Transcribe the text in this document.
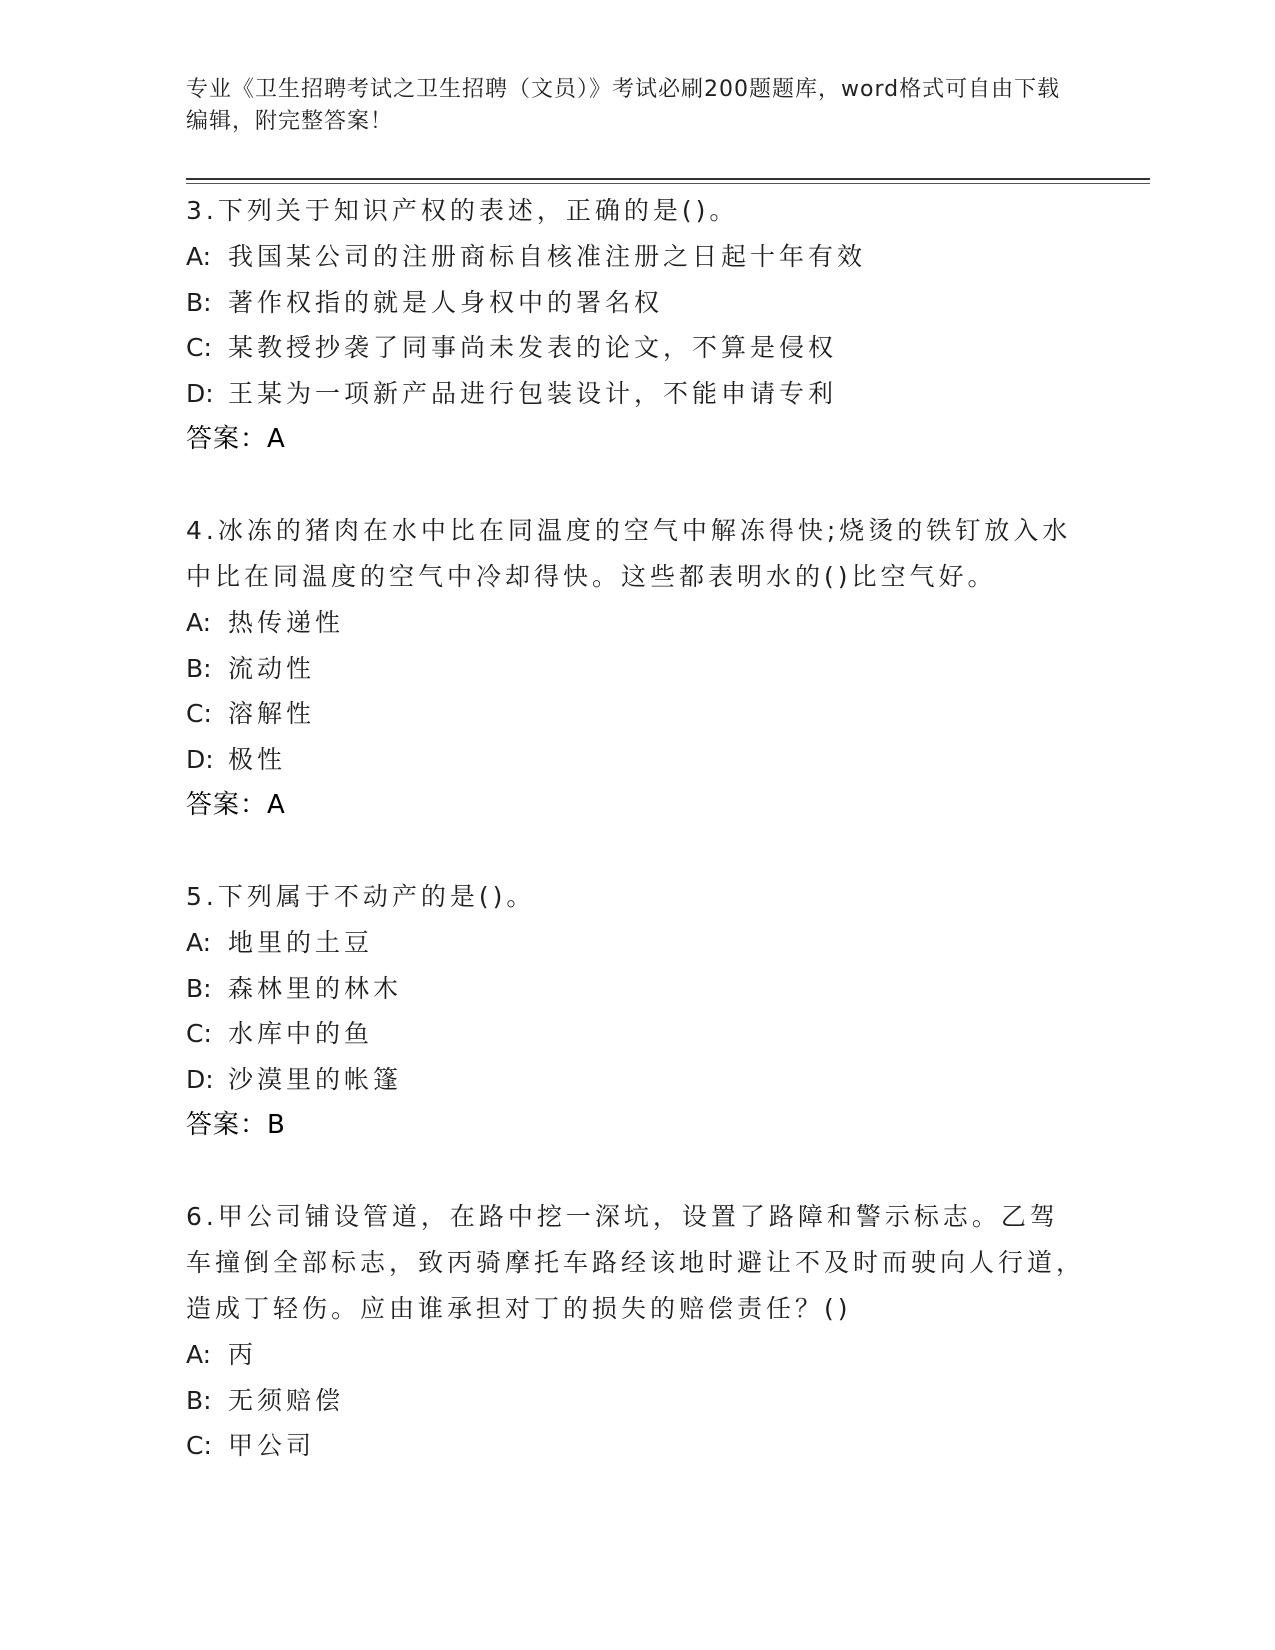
专业《卫生招聘考试之卫生招聘（文员）》考试必刷200题题库，word格式可自由下载编辑，附完整答案！
3.下列关于知识产权的表述，正确的是()。
A: 我国某公司的注册商标自核准注册之日起十年有效
B: 著作权指的就是人身权中的署名权
C: 某教授抄袭了同事尚未发表的论文，不算是侵权
D: 王某为一项新产品进行包装设计，不能申请专利
答案：A
4.冰冻的猪肉在水中比在同温度的空气中解冻得快;烧烫的铁钉放入水中比在同温度的空气中冷却得快。这些都表明水的()比空气好。
A: 热传递性
B: 流动性
C: 溶解性
D: 极性
答案：A
5.下列属于不动产的是()。
A: 地里的土豆
B: 森林里的林木
C: 水库中的鱼
D: 沙漠里的帐篷
答案：B
6.甲公司铺设管道，在路中挖一深坑，设置了路障和警示标志。乙驾车撞倒全部标志，致丙骑摩托车路经该地时避让不及时而驶向人行道，造成丁轻伤。应由谁承担对丁的损失的赔偿责任？()
A: 丙
B: 无须赔偿
C: 甲公司
